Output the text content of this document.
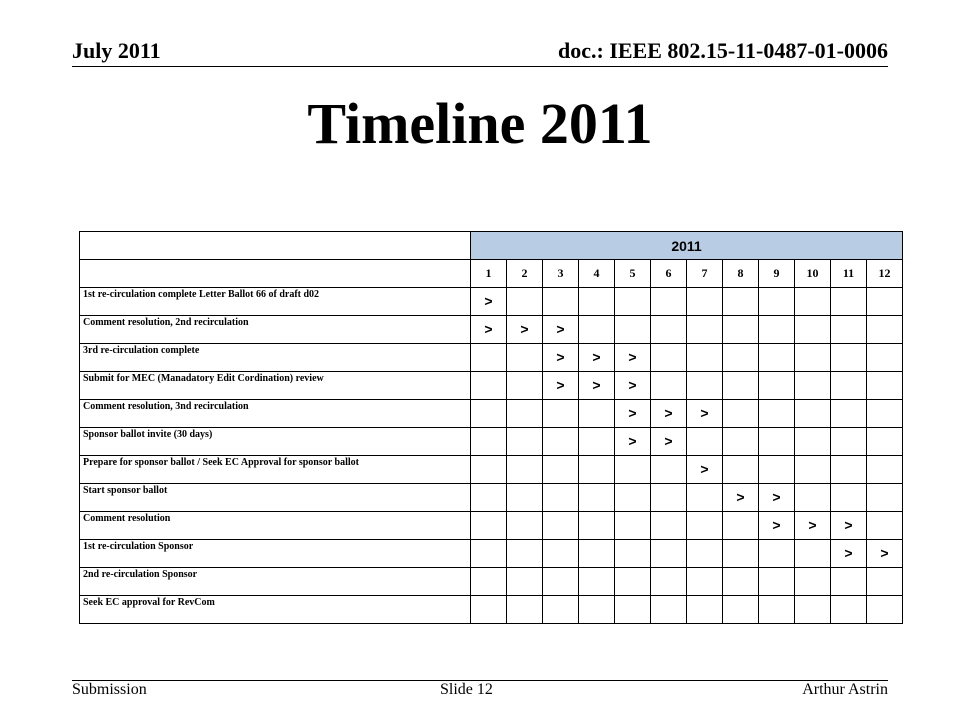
July 2011	doc.: IEEE 802.15-11-0487-01-0006
Timeline 2011
	2011											
	1	2	3	4	5	6	7	8	9	10	11	12
1st re-circulation complete Letter Ballot 66 of draft d02	>											
Comment resolution, 2nd recirculation	>	>	>									
3rd re-circulation complete			>	>	>							
Submit for MEC (Manadatory Edit Cordination) review			>	>	>							
Comment resolution, 3nd recirculation					>	>	>					
Sponsor ballot invite (30 days)					>	>						
Prepare for sponsor ballot / Seek EC Approval for sponsor ballot							>					
Start sponsor ballot								>	>			
Comment resolution									>	>	>	
1st re-circulation Sponsor											>	>
2nd re-circulation Sponsor												
Seek EC approval for RevCom												
Submission	Slide 12	Arthur Astrin
